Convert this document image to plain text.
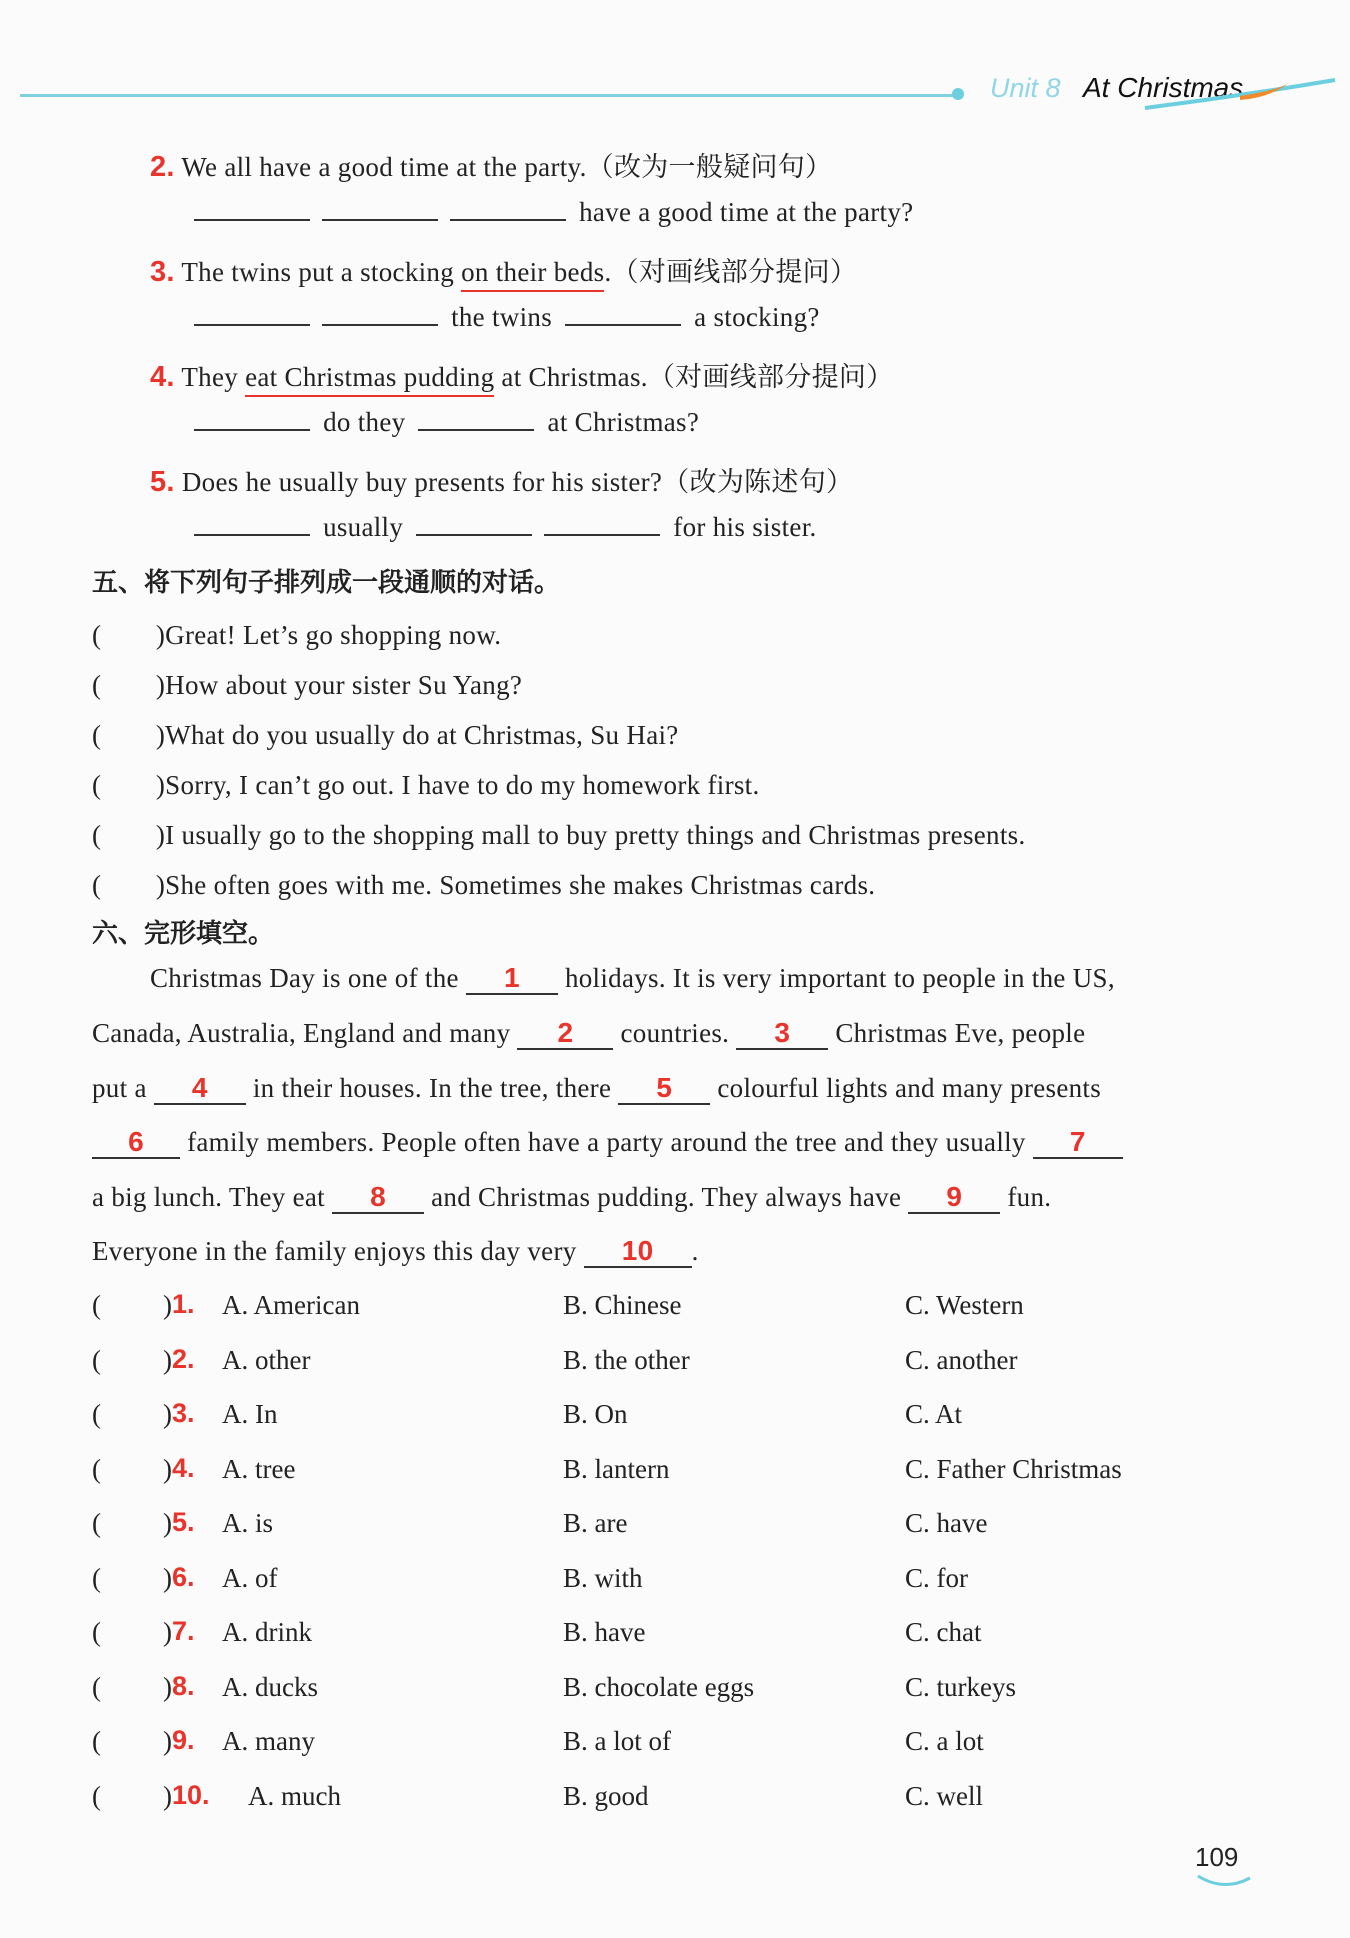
Unit 8 At Christmas
2. We all have a good time at the party.（改为一般疑问句）
have a good time at the party?
3. The twins put a stocking on their beds.（对画线部分提问）
the twins	a stocking?
4. They eat Christmas pudding at Christmas.（对画线部分提问）
do they	at Christmas?
5. Does he usually buy presents for his sister?（改为陈述句）
usually	for his sister.
五、将下列句子排列成一段通顺的对话。
(　　)Great! Let’s go shopping now.
(　　)How about your sister Su Yang?
(　　)What do you usually do at Christmas, Su Hai?
(　　)Sorry, I can’t go out. I have to do my homework first.
(　　)I usually go to the shopping mall to buy pretty things and Christmas presents.
(　　)She often goes with me. Sometimes she makes Christmas cards.
六、完形填空。
Christmas Day is one of the 1 holidays. It is very important to people in the US,
Canada, Australia, England and many 2 countries. 3 Christmas Eve, people
put a 4 in their houses. In the tree, there 5 colourful lights and many presents
6 family members. People often have a party around the tree and they usually 7
a big lunch. They eat 8 and Christmas pudding. They always have 9 fun.
Everyone in the family enjoys this day very 10 .
( ) 1. A. American	B. Chinese	C. Western
( ) 2. A. other	B. the other	C. another
( ) 3. A. In	B. On	C. At
( ) 4. A. tree	B. lantern	C. Father Christmas
( ) 5. A. is	B. are	C. have
( ) 6. A. of	B. with	C. for
( ) 7. A. drink	B. have	C. chat
( ) 8. A. ducks	B. chocolate eggs	C. turkeys
( ) 9. A. many	B. a lot of	C. a lot
( ) 10. A. much	B. good	C. well
109
